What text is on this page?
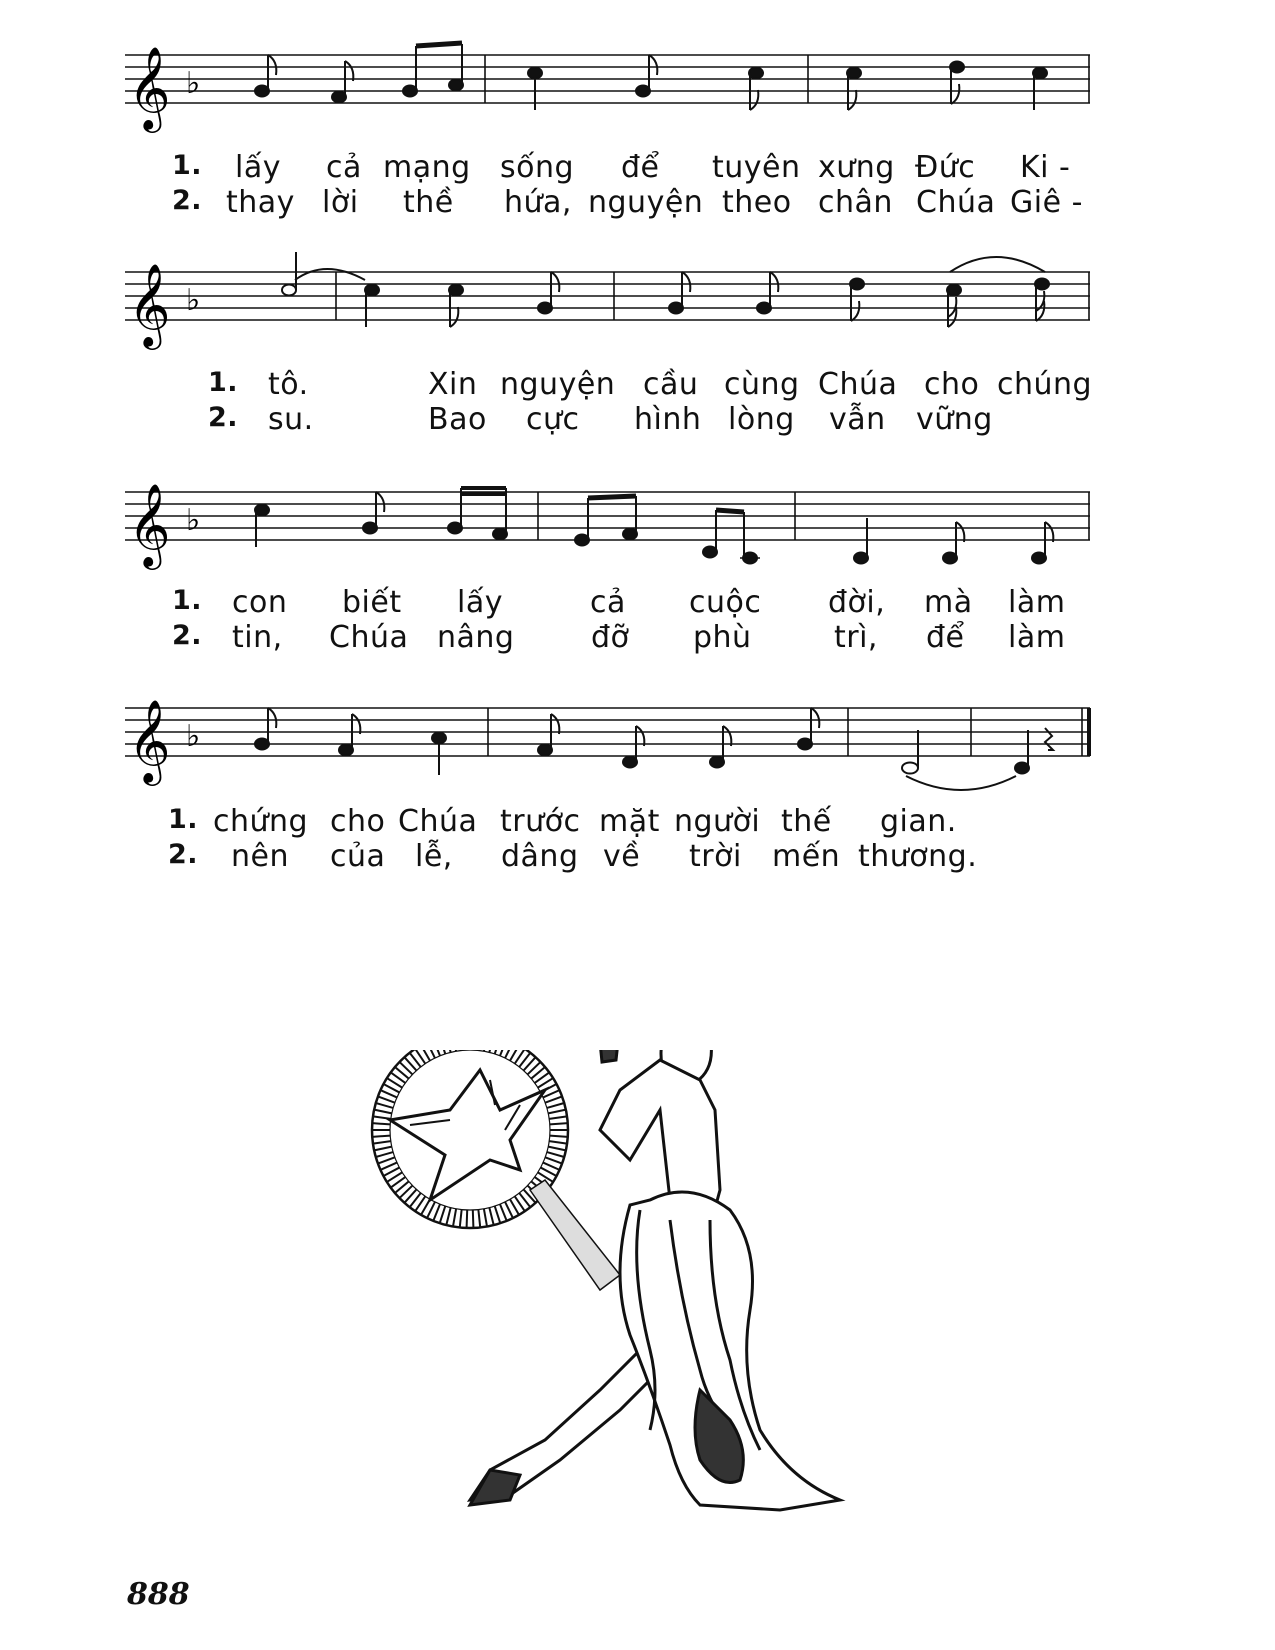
𝄞 ♭
1. lấy cả mạng sống để tuyên xưng Đức Ki -
2. thay lời thề hứa, nguyện theo chân Chúa Giê -
𝄞 ♭
1. tô.	Xin nguyện cầu cùng Chúa cho chúng
2. su.	Bao cực hình lòng vẫn vững
𝄞 ♭
1. con biết lấy	cả cuộc đời, mà làm
2. tin, Chúa nâng	đỡ phù	trì, để làm
𝄞 ♭
1. chứng cho Chúa trước mặt người thế gian.
2. nên của lễ, dâng về trời mến thương.
888
